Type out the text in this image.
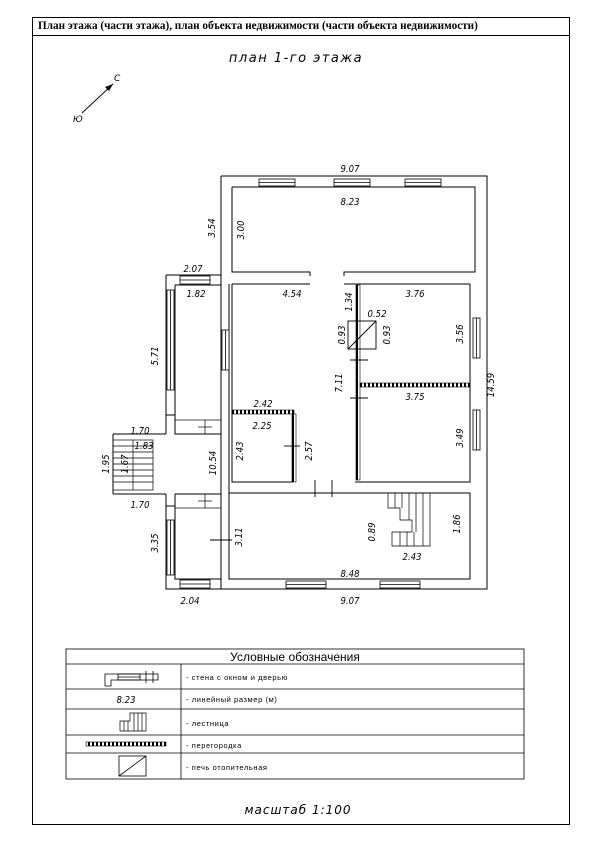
План этажа (части этажа), план объекта недвижимости (части объекта недвижимости)
план 1-го этажа
С
Ю
9.07
8.23
3.00
3.54
2.07
1.82
5.71
4.54	1.34
0.52
0.93	0.93
3.76
3.56
14.59
7.11
3.75
3.49
2.42
2.25
2.43	2.57
1.70
1.83
1.95 1.67
1.70
10.54
3.35
2.04
3.11	0.89
2.43
1.86
8.48
9.07
Условные обозначения
8.23
- стена с окном и дверью
- линейный размер (м)
- лестница
- перегородка
- печь отопительная
масштаб 1:100
